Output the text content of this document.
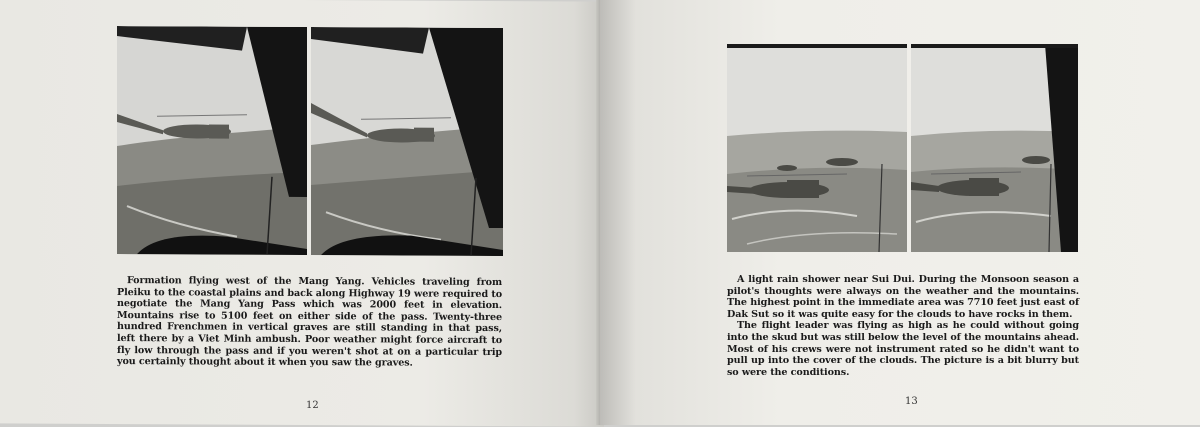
Formation flying west of the Mang Yang. Vehicles traveling from Pleiku to the coastal plains and back along Highway 19 were required to negotiate the Mang Yang Pass which was 2000 feet in elevation. Mountains rise to 5100 feet on either side of the pass. Twenty-three hundred Frenchmen in vertical graves are still standing in that pass, left there by a Viet Minh ambush. Poor weather might force aircraft to fly low through the pass and if you weren't shot at on a particular trip you certainly thought about it when you saw the graves.

12

A light rain shower near Sui Dui. During the Monsoon season a pilot's thoughts were always on the weather and the mountains. The highest point in the immediate area was 7710 feet just east of Dak Sut so it was quite easy for the clouds to have rocks in them.

The flight leader was flying as high as he could without going into the skud but was still below the level of the mountains ahead. Most of his crews were not instrument rated so he didn't want to pull up into the cover of the clouds. The picture is a bit blurry but so were the conditions.

13
